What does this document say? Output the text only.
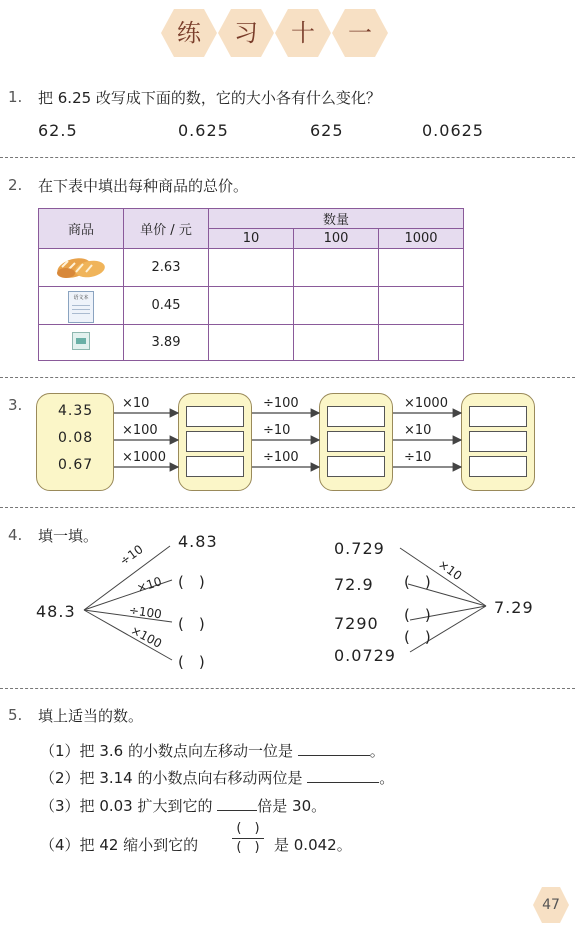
练	习	十	一
1. 把 6.25 改写成下面的数，它的大小各有什么变化？
62.5	0.625	625	0.0625
2. 在下表中填出每种商品的总价。
商品	单价 / 元	数量		
		10	100	1000
	2.63			
语文本	0.45			

	3.89			
3.	4.35
0.08
0.67
×10
×100
×1000
÷100
÷10
÷100
×1000
×10
÷10
4. 填一填。
48.3
4.83
(　)
(　)
(　)
÷10
×10
÷100
×100
0.729
72.9
7290
0.0729
7.29
×10
(　)
(　)
(　)
5. 填上适当的数。
（1）把 3.6 的小数点向左移动一位是	。
（2）把 3.14 的小数点向右移动两位是	。
（3）把 0.03 扩大到它的	倍是 30。
（4）把 42 缩小到它的
(　)
(　) 是 0.042。
47
